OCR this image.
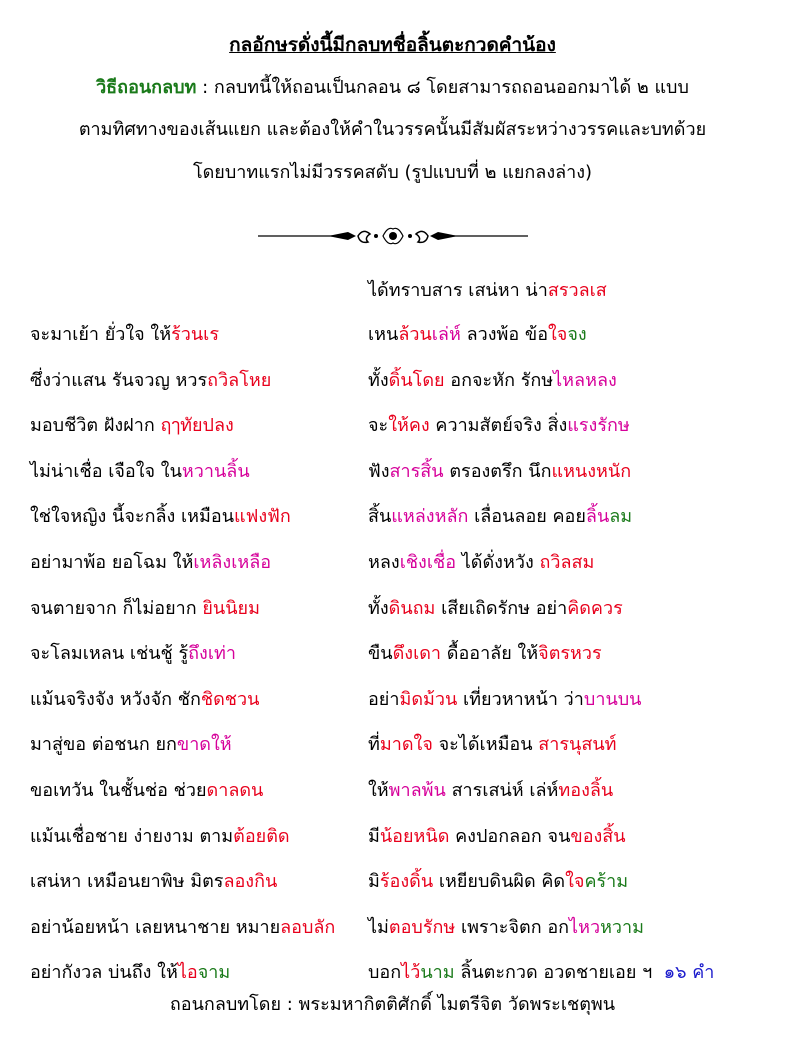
กลอักษรดั่งนี้มีกลบทชื่อลิ้นตะกวดคำน้อง
วิธีถอนกลบท : กลบทนี้ให้ถอนเป็นกลอน ๘ โดยสามารถถอนออกมาได้ ๒ แบบ
ตามทิศทางของเส้นแยก และต้องให้คำในวรรคนั้นมีสัมผัสระหว่างวรรคและบทด้วย
โดยบาทแรกไม่มีวรรคสดับ (รูปแบบที่ ๒ แยกลงล่าง)
ได้ทราบสาร เสน่หา น่าสรวลเส
จะมาเย้า ยั่วใจ ให้ร้วนเร
ซึ่งว่าแสน รันจวญ หวรถวิลโหย
มอบชีวิต ฝังฝาก ฤๅทัยปลง
ไม่น่าเชื่อ เจือใจ ในหวานลิ้น
ใช่ใจหญิง นี้จะกลิ้ง เหมือนแฟงฟัก
อย่ามาพ้อ ยอโฉม ให้เหลิงเหลือ
จนตายจาก ก็ไม่อยาก ยินนิยม
จะโลมเหลน เช่นชู้ รู้ถึงเท่า
แม้นจริงจัง หวังจัก ชักชิดชวน
มาสู่ขอ ต่อชนก ยกขาดให้
ขอเทวัน ในชั้นช่อ ช่วยดาลดน
แม้นเชื่อชาย ง่ายงาม ตามต้อยติด
เสน่หา เหมือนยาพิษ มิตรลองกิน
อย่าน้อยหน้า เลยหนาชาย หมายลอบลัก
อย่ากังวล บ่นถึง ให้ไอจาม
เหนล้วนเล่ห์ ลวงพ้อ ข้อใจจง
ทั้งดิ้นโดย อกจะหัก รักษไหลหลง
จะให้คง ความสัตย์จริง สิ่งแรงรักษ
ฟังสารสิ้น ตรองตรึก นึกแหนงหนัก
สิ้นแหล่งหลัก เลื่อนลอย คอยลิ้นลม
หลงเชิงเชื่อ ได้ดั่งหวัง ถวิลสม
ทั้งดินถม เสียเถิดรักษ อย่าคิดควร
ขืนดึงเดา ดื้ออาลัย ให้จิตรหวร
อย่ามิดม้วน เที่ยวหาหน้า ว่าบานบน
ที่มาดใจ จะได้เหมือน สารนุสนท์
ให้พาลพ้น สารเสน่ห์ เล่ห์ทองลิ้น
มีน้อยหนิด คงปอกลอก จนของสิ้น
มิร้องดิ้น เหยียบดินผิด คิดใจคร้าม
ไม่ตอบรักษ เพราะจิตก อกไหวหวาม
บอกไว้นาม ลิ้นตะกวด อวดชายเอย ฯ  ๑๖ คำ
ถอนกลบทโดย : พระมหากิตติศักดิ์ ไมตรีจิต วัดพระเชตุพน
